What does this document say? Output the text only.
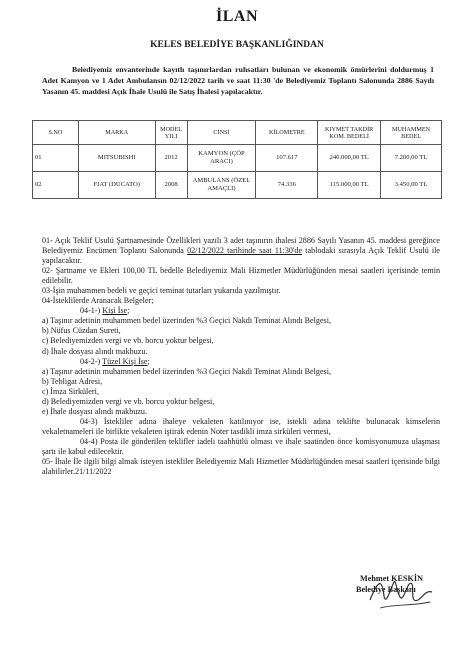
İLAN
KELES BELEDİYE BAŞKANLIĞINDAN

Belediyemiz envanterinde kayıtlı taşınırlardan ruhsatları bulunan ve ekonomik ömürlerini doldurmuş 1 Adet Kamyon ve 1 Adet Ambulansın 02/12/2022 tarih ve saat 11:30 'de Belediyemiz Toplantı Salonunda 2886 Sayılı Yasanın 45. maddesi Açık İhale Usulü ile Satış İhalesi yapılacaktır.

S.NO	MARKA	MODEL YILI	CİNSİ	KİLOMETRE	KIYMET TAKDİR KOM. BEDELİ	MUHAMMEN BEDEL
01	MITSUBISHI	2012	KAMYON (ÇÖP ARACI)	107.617	240.000,00 TL	7.200,00 TL
02	FIAT (DUCATO)	2008	AMBULANS (ÖZEL AMAÇLI)	74.336	115.000,00 TL	3.450,00 TL

01- Açık Teklif Usulü Şartnamesinde Özellikleri yazılı 3 adet taşınırın ihalesi 2886 Sayılı Yasanın 45. maddesi gereğince Belediyemiz Encümen Toplantı Salonunda 02/12/2022 tarihinde saat 11:30'de tablodaki sırasıyla Açık Teklif Usulü ile yapılacaktır.

02- Şartname ve Ekleri 100,00 TL bedelle Belediyemiz Mali Hizmetler Müdürlüğünden mesai saatleri içerisinde temin edilebilir.

03-İşin muhammen bedeli ve geçici teminat tutarları yukarıda yazılmıştır.

04-İsteklilerde Aranacak Belgeler;

04-1-) Kişi İse;

a) Taşınır adetinin muhammen bedel üzerinden %3 Geçici Nakdi Teminat Alındı Belgesi,

b) Nüfus Cüzdan Sureti,

c) Belediyemizden vergi ve vb. borcu yoktur belgesi,

d) İhale dosyası alındı makbuzu.

04-2-) Tüzel Kişi İse;

a) Taşınır adetinin muhammen bedel üzerinden %3 Geçici Nakdi Teminat Alındı Belgesi,

b) Tebligat Adresi,

c) İmza Sirküleri,

d) Belediyemizden vergi ve vb. borcu yoktur belgesi,

e) İhale dosyası alındı makbuzu.

04-3) İstekliler adına ihaleye vekaleten katılınıyor ise, istekli adına teklifte bulunacak kimselerin vekaletnameleri ile birlikte vekaleten iştirak edenin Noter tasdikli imza sirküleri vermesi,

04-4) Posta ile gönderilen teklifler iadeli taahhütlü olması ve ihale saatinden önce komisyonumuza ulaşması şartı ile kabul edilecektir.

05- İhale İle ilgili bilgi almak isteyen istekliler Belediyemiz Mali Hizmetler Müdürlüğünden mesai saatleri içerisinde bilgi alabilirler.21/11/2022

Mehmet KESKİN
Belediye Başkanı
